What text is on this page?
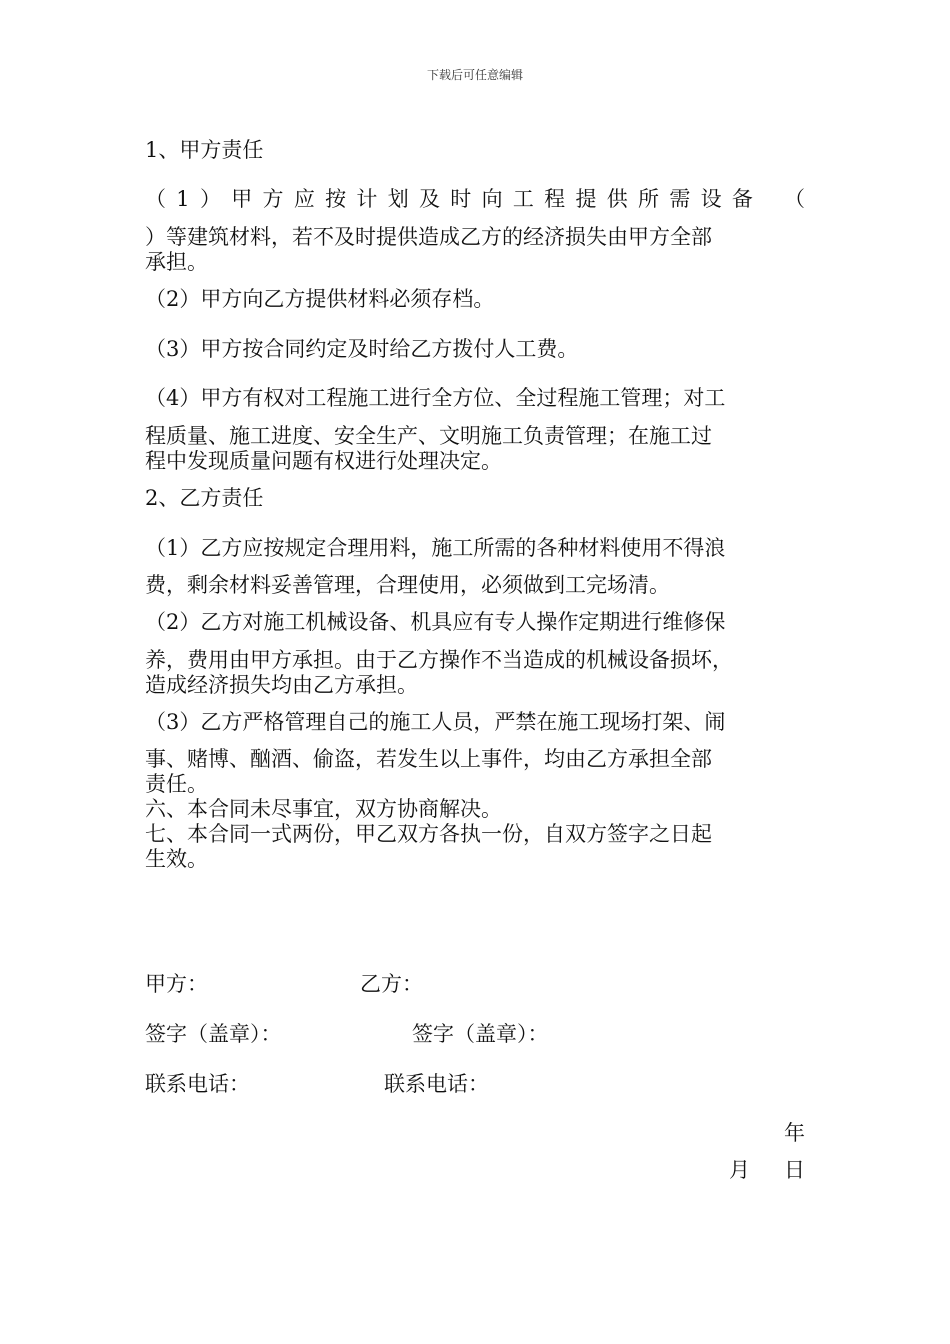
下载后可任意编辑
1、甲方责任
（1）甲方应按计划及时向工程提供所需设备　（
）等建筑材料，若不及时提供造成乙方的经济损失由甲方全部
承担。
（2）甲方向乙方提供材料必须存档。
（3）甲方按合同约定及时给乙方拨付人工费。
（4）甲方有权对工程施工进行全方位、全过程施工管理；对工
程质量、施工进度、安全生产、文明施工负责管理；在施工过
程中发现质量问题有权进行处理决定。
2、乙方责任
（1）乙方应按规定合理用料，施工所需的各种材料使用不得浪
费，剩余材料妥善管理，合理使用，必须做到工完场清。
（2）乙方对施工机械设备、机具应有专人操作定期进行维修保
养，费用由甲方承担。由于乙方操作不当造成的机械设备损坏，
造成经济损失均由乙方承担。
（3）乙方严格管理自己的施工人员，严禁在施工现场打架、闹
事、赌博、酗酒、偷盗，若发生以上事件，均由乙方承担全部
责任。
六、本合同未尽事宜，双方协商解决。
七、本合同一式两份，甲乙双方各执一份，自双方签字之日起
生效。
甲方：	乙方：
签字（盖章）：	签字（盖章）：
联系电话：	联系电话：
年
月 日
